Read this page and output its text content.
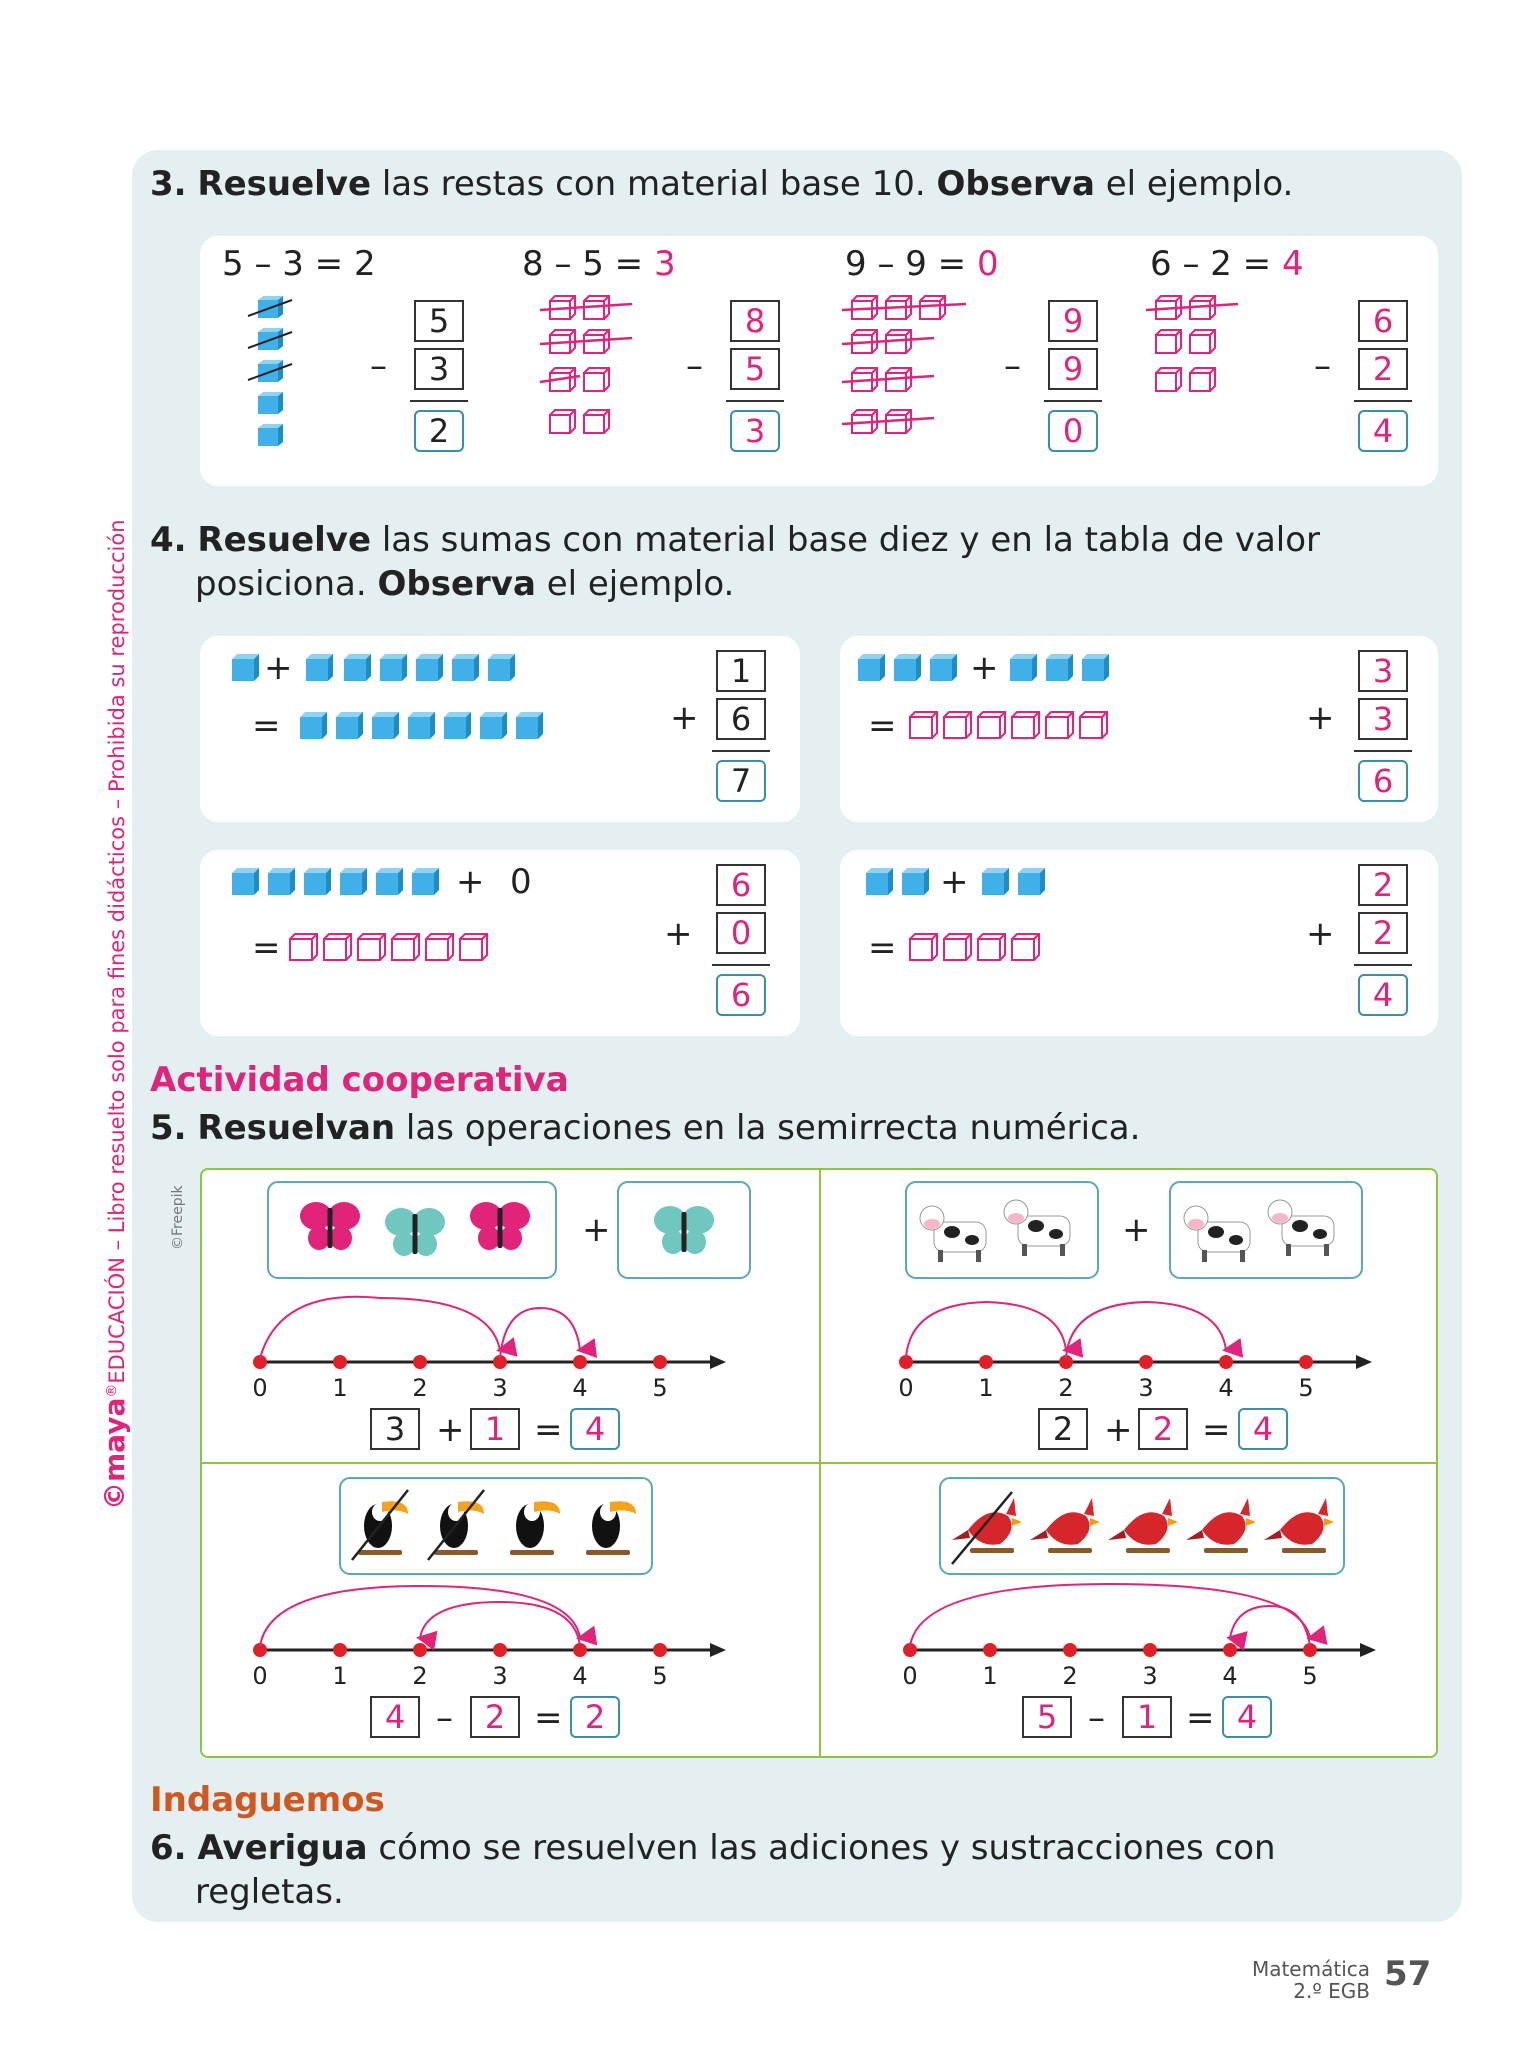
©maya®EDUCACIÓN – Libro resuelto solo para fines didácticos – Prohibida su reproducción
3. Resuelve las restas con material base 10. Observa el ejemplo.
5 – 3 = 2	8 – 5 = 3	9 – 9 = 0	6 – 2 = 4
5
3
–
2
8
5
–
3
9
9
–
0
6
2
–
4
4. Resuelve las sumas con material base diez y en la tabla de valor
posiciona. Observa el ejemplo.
+
=
1
6
+
7
+
=
3
3
+
6
+ 0
=
6
0
+
6
+
=
2
2
+
4
Actividad cooperativa
5. Resuelvan las operaciones en la semirrecta numérica.
©Freepik
0	1	2	3	4	5	0	1	2	3	4	5
0	1	2	3	4	5	0	1	2	3	4	5
+	+
3 + 1 = 4	2 + 2 = 4
4 – 2 = 2	5 – 1 = 4
Indaguemos
6. Averigua cómo se resuelven las adiciones y sustracciones con
regletas.
Matemática
2.º EGB 57
